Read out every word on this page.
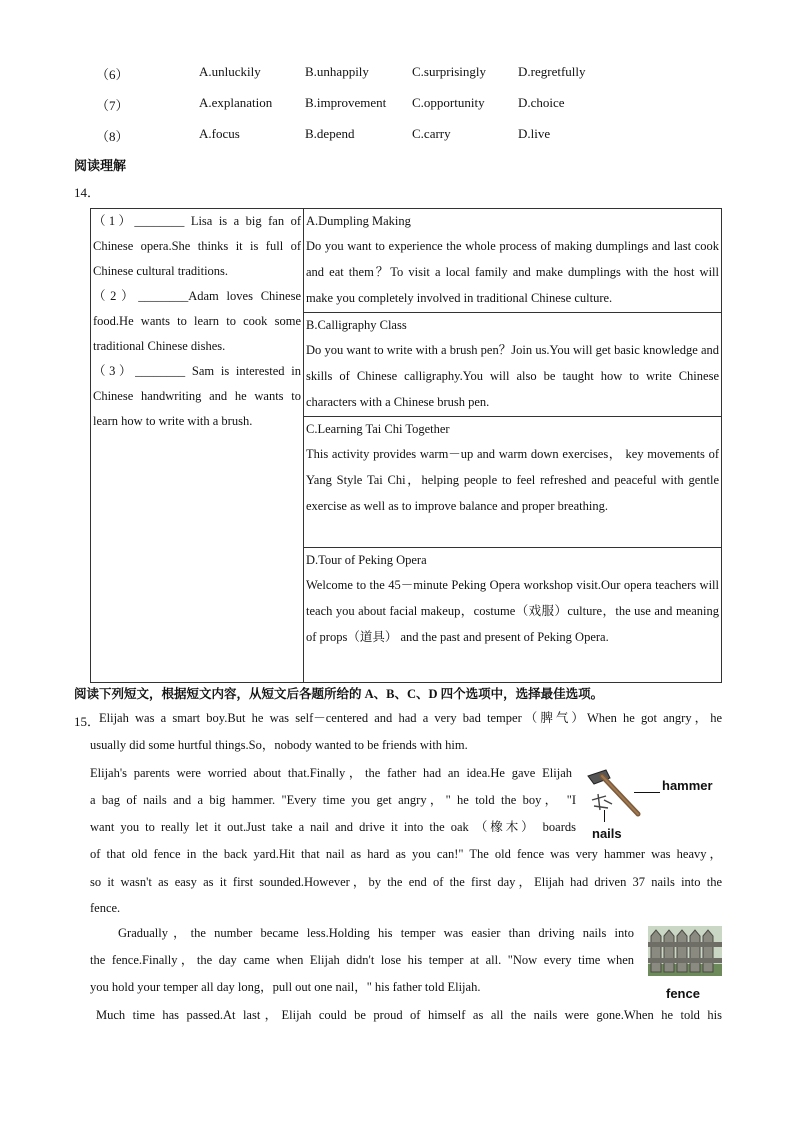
（6）	A.unluckily	B.unhappily	C.surprisingly D.regretfully
（7）	A.explanation	B.improvement C.opportunity	D.choice
（8）	A.focus	B.depend	C.carry	D.live
阅读理解
14．

（1）________ Lisa is a big fan of Chinese opera.She thinks it is full of Chinese cultural traditions.

（2）________Adam loves Chinese food.He wants to learn to cook some traditional Chinese dishes.

（3）________ Sam is interested in Chinese handwriting and he wants to learn how to write with a brush.

A.Dumpling Making

Do you want to experience the whole process of making dumplings and last cook and eat them？To visit a local family and make dumplings with the host will make you completely involved in traditional Chinese culture.

B.Calligraphy Class

Do you want to write with a brush pen？Join us.You will get basic knowledge and skills of Chinese calligraphy.You will also be taught how to write Chinese characters with a Chinese brush pen.

C.Learning Tai Chi Together

This activity provides warm－up and warm down exercises， key movements of Yang Style Tai Chi，helping people to feel refreshed and peaceful with gentle exercise as well as to improve balance and proper breathing.

D.Tour of Peking Opera

Welcome to the 45－minute Peking Opera workshop visit.Our opera teachers will teach you about facial makeup，costume（戏服）culture，the use and meaning of props（道具） and the past and present of Peking Opera.

阅读下列短文，根据短文内容，从短文后各题所给的 A、B、C、D 四个选项中，选择最佳选项。
15．

Elijah was a smart boy.But he was self－centered and had a very bad temper（脾气）When he got angry，he

usually did some hurtful things.So，nobody wanted to be friends with him.

Elijah's parents were worried about that.Finally，the father had an idea.He gave Elijah

a bag of nails and a big hammer. "Every time you get angry，" he told the boy， "I

want you to really let it out.Just take a nail and drive it into the oak （橡木） boards

of that old fence in the back yard.Hit that nail as hard as you can!" The old fence was very hammer was heavy，

so it wasn't as easy as it first sounded.However，by the end of the first day，Elijah had driven 37 nails into the

fence.

Gradually，the number became less.Holding his temper was easier than driving nails into

the fence.Finally，the day came when Elijah didn't lose his temper at all. "Now every time when

you hold your temper all day long，pull out one nail，" his father told Elijah.

Much time has passed.At last，Elijah could be proud of himself as all the nails were gone.When he told his

hammer
nails
fence
